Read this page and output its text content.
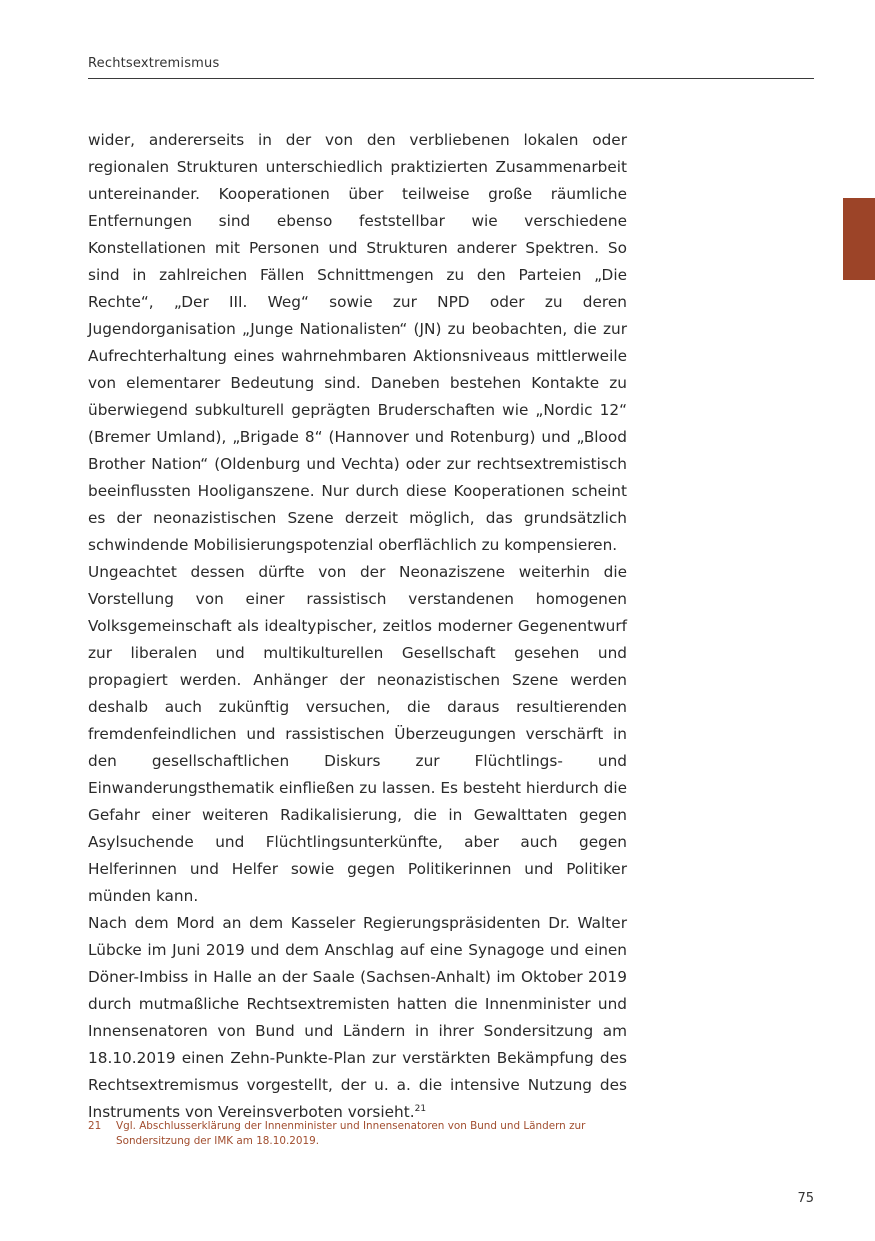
Rechtsextremismus

wider, andererseits in der von den verbliebenen lokalen oder regionalen Strukturen unterschiedlich praktizierten Zusammenarbeit untereinander. Kooperationen über teilweise große räumliche Entfernungen sind ebenso feststellbar wie verschiedene Konstellationen mit Personen und Strukturen anderer Spektren. So sind in zahlreichen Fällen Schnittmengen zu den Parteien „Die Rechte“, „Der III. Weg“ sowie zur NPD oder zu deren Jugendorganisation „Junge Nationalisten“ (JN) zu beobachten, die zur Aufrechterhaltung eines wahrnehmbaren Aktionsniveaus mittlerweile von elementarer Bedeutung sind. Daneben bestehen Kontakte zu überwiegend subkulturell geprägten Bruderschaften wie „Nordic 12“ (Bremer Umland), „Brigade 8“ (Hannover und Rotenburg) und „Blood Brother Nation“ (Oldenburg und Vechta) oder zur rechtsextremistisch beeinflussten Hooliganszene. Nur durch diese Kooperationen scheint es der neonazistischen Szene derzeit möglich, das grundsätzlich schwindende Mobilisierungspotenzial oberflächlich zu kompensieren.

Ungeachtet dessen dürfte von der Neonaziszene weiterhin die Vorstellung von einer rassistisch verstandenen homogenen Volksgemeinschaft als idealtypischer, zeitlos moderner Gegenentwurf zur liberalen und multikulturellen Gesellschaft gesehen und propagiert werden. Anhänger der neonazistischen Szene werden deshalb auch zukünftig versuchen, die daraus resultierenden fremdenfeindlichen und rassistischen Überzeugungen verschärft in den gesellschaftlichen Diskurs zur Flüchtlings- und Einwanderungsthematik einfließen zu lassen. Es besteht hierdurch die Gefahr einer weiteren Radikalisierung, die in Gewalttaten gegen Asylsuchende und Flüchtlingsunterkünfte, aber auch gegen Helferinnen und Helfer sowie gegen Politikerinnen und Politiker münden kann.

Nach dem Mord an dem Kasseler Regierungspräsidenten Dr. Walter Lübcke im Juni 2019 und dem Anschlag auf eine Synagoge und einen Döner-Imbiss in Halle an der Saale (Sachsen-Anhalt) im Oktober 2019 durch mutmaßliche Rechtsextremisten hatten die Innenminister und Innensenatoren von Bund und Ländern in ihrer Sondersitzung am 18.10.2019 einen Zehn-Punkte-Plan zur verstärkten Bekämpfung des Rechtsextremismus vorgestellt, der u. a. die intensive Nutzung des Instruments von Vereinsverboten vorsieht.$^{21}$

21	Vgl. Abschlusserklärung der Innenminister und Innensenatoren von Bund und Ländern zur Sondersitzung der IMK am 18.10.2019.
75
